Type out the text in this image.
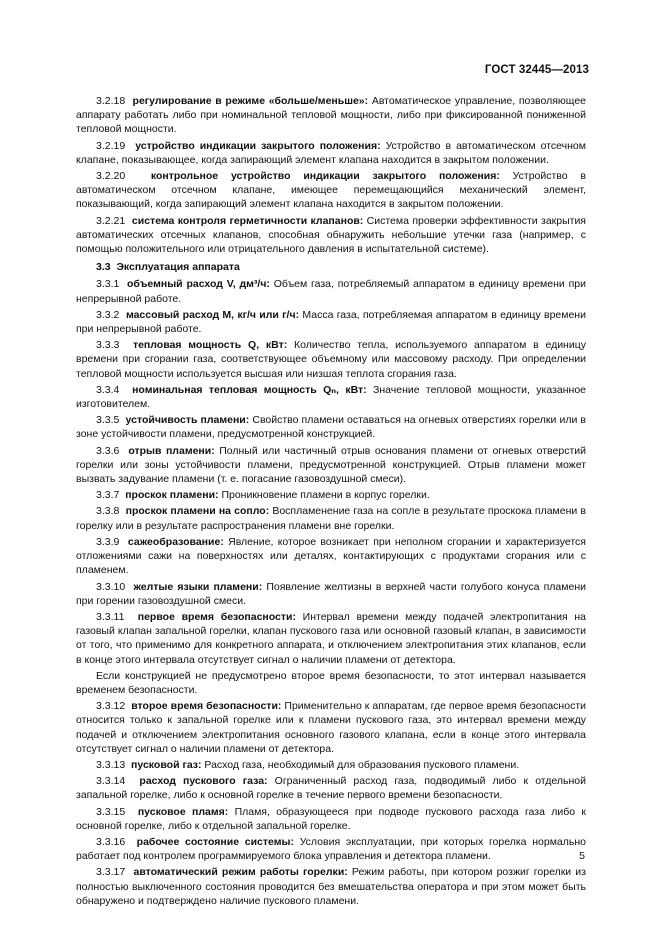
ГОСТ 32445—2013
3.2.18 регулирование в режиме «больше/меньше»: Автоматическое управление, позволяющее аппарату работать либо при номинальной тепловой мощности, либо при фиксированной пониженной тепловой мощности.
3.2.19 устройство индикации закрытого положения: Устройство в автоматическом отсечном клапане, показывающее, когда запирающий элемент клапана находится в закрытом положении.
3.2.20 контрольное устройство индикации закрытого положения: Устройство в автоматическом отсечном клапане, имеющее перемещающийся механический элемент, показывающий, когда запирающий элемент клапана находится в закрытом положении.
3.2.21 система контроля герметичности клапанов: Система проверки эффективности закрытия автоматических отсечных клапанов, способная обнаружить небольшие утечки газа (например, с помощью положительного или отрицательного давления в испытательной системе).
3.3 Эксплуатация аппарата
3.3.1 объемный расход V, дм³/ч: Объем газа, потребляемый аппаратом в единицу времени при непрерывной работе.
3.3.2 массовый расход M, кг/ч или г/ч: Масса газа, потребляемая аппаратом в единицу времени при непрерывной работе.
3.3.3 тепловая мощность Q, кВт: Количество тепла, используемого аппаратом в единицу времени при сгорании газа, соответствующее объемному или массовому расходу. При определении тепловой мощности используется высшая или низшая теплота сгорания газа.
3.3.4 номинальная тепловая мощность Qₙ, кВт: Значение тепловой мощности, указанное изготовителем.
3.3.5 устойчивость пламени: Свойство пламени оставаться на огневых отверстиях горелки или в зоне устойчивости пламени, предусмотренной конструкцией.
3.3.6 отрыв пламени: Полный или частичный отрыв основания пламени от огневых отверстий горелки или зоны устойчивости пламени, предусмотренной конструкцией. Отрыв пламени может вызвать задувание пламени (т. е. погасание газовоздушной смеси).
3.3.7 проскок пламени: Проникновение пламени в корпус горелки.
3.3.8 проскок пламени на сопло: Воспламенение газа на сопле в результате проскока пламени в горелку или в результате распространения пламени вне горелки.
3.3.9 сажеобразование: Явление, которое возникает при неполном сгорании и характеризуется отложениями сажи на поверхностях или деталях, контактирующих с продуктами сгорания или с пламенем.
3.3.10 желтые языки пламени: Появление желтизны в верхней части голубого конуса пламени при горении газовоздушной смеси.
3.3.11 первое время безопасности: Интервал времени между подачей электропитания на газовый клапан запальной горелки, клапан пускового газа или основной газовый клапан, в зависимости от того, что применимо для конкретного аппарата, и отключением электропитания этих клапанов, если в конце этого интервала отсутствует сигнал о наличии пламени от детектора.
Если конструкцией не предусмотрено второе время безопасности, то этот интервал называется временем безопасности.
3.3.12 второе время безопасности: Применительно к аппаратам, где первое время безопасности относится только к запальной горелке или к пламени пускового газа, это интервал времени между подачей и отключением электропитания основного газового клапана, если в конце этого интервала отсутствует сигнал о наличии пламени от детектора.
3.3.13 пусковой газ: Расход газа, необходимый для образования пускового пламени.
3.3.14 расход пускового газа: Ограниченный расход газа, подводимый либо к отдельной запальной горелке, либо к основной горелке в течение первого времени безопасности.
3.3.15 пусковое пламя: Пламя, образующееся при подводе пускового расхода газа либо к основной горелке, либо к отдельной запальной горелке.
3.3.16 рабочее состояние системы: Условия эксплуатации, при которых горелка нормально работает под контролем программируемого блока управления и детектора пламени.
3.3.17 автоматический режим работы горелки: Режим работы, при котором розжиг горелки из полностью выключенного состояния проводится без вмешательства оператора и при этом может быть обнаружено и подтверждено наличие пускового пламени.
5
